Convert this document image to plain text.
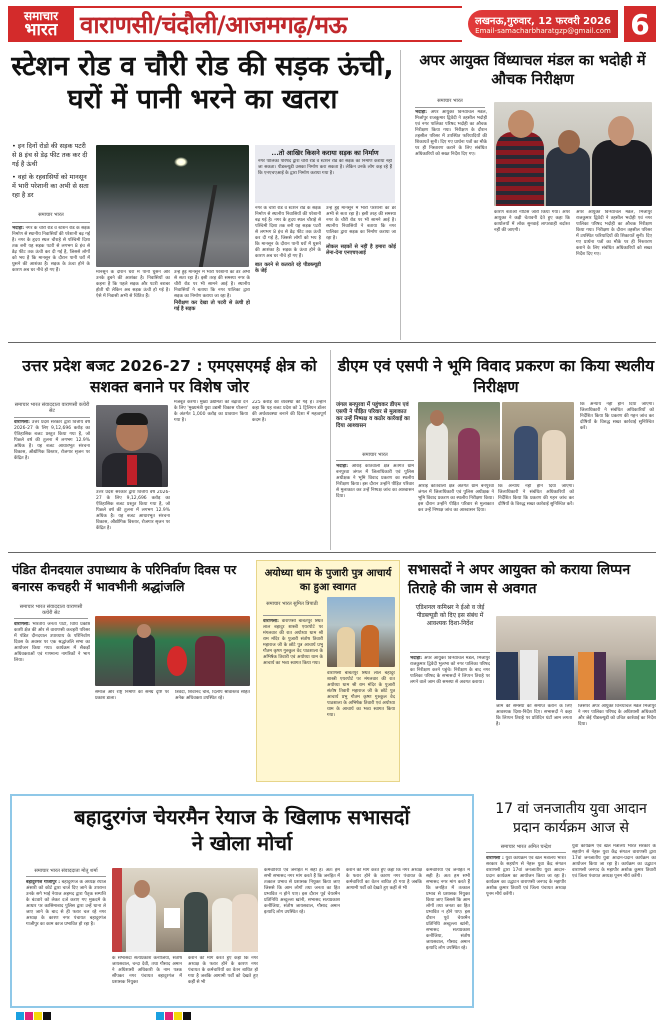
समाचार
भारत वाराणसी/चंदौली/आजमगढ़/मऊ	लखनऊ,गुरुवार, 12 फरवरी 2026
Email-samacharbharatgzp@gmail.com 6
स्टेशन रोड व चौरी रोड की सड़क ऊंची, घरों में पानी भरने का खतरा
• इन दिनों रोडो की सड़क पटरी से 8 इंच से डेढ़ फीट तक कर दी गई है ऊंची
• वहां के रहवासियों को मानसून में भारी परेशानी का अभी से सता रहा है डर
समाचार भारत
भदोही: नगर के चौरी रोड व स्टेशन रोड के सड़क निर्माण से स्थानीय निवासियों की परेशानी बढ़ गई है। नगर के हृदय स्थल चौराहे से पश्चिमी दिशा तक बनी यह सड़क पटरी से लगभग 8 इंच से डेढ़ फीट तक ऊंची कर दी गई है, जिससे लोगों को भय है कि मानसून के दौरान पानी घरों में घुसने की आशंका है। सड़क के ऊंचा होने के कारण अब घर नीचे हो गए हैं।	मानसून के दौरान घरों में पानी घुसने और उनके डूबने की आशंका है। निवासियों का कहना है कि पहले सड़क और पटरी बराबर होती थी लेकिन अब सड़क ऊंची हो गई है। ऐसे में निवासी अभी से चिंतित हैं।
उन्हें हुई मानसून में भारी परेशानी का डर अभी से सता रहा है। इसी तरह की समस्या नगर के चौरी रोड पर भी सामने आई है। स्थानीय निवासियों ने बताया कि नगर पालिका द्वारा सड़क का निर्माण कराया जा रहा है।
निरीक्षण कर देखा तो पटरी से ऊंची हो गई है सड़क
...तो आखिर किसने कराया सड़क का निर्माण
नगर पालिका परिषद द्वारा चौरी रोड व स्टेशन रोड की सड़क का निर्माण कराया नहीं जा सकता। पीडब्ल्यूडी उसका निर्माण करा सकता है। लेकिन उनके लोग कह रहे हैं कि एनएचएआई के द्वारा निर्माण कराया गया है।
नगर के चौरी रोड व स्टेशन रोड के सड़क निर्माण से स्थानीय निवासियों की परेशानी बढ़ गई है। नगर के हृदय स्थल चौराहे से पश्चिमी दिशा तक बनी यह सड़क पटरी से लगभग 8 इंच से डेढ़ फीट तक ऊंची कर दी गई है, जिससे लोगों को भय है कि मानसून के दौरान पानी घरों में घुसने की आशंका है। सड़क के ऊंचा होने के कारण अब घर नीचे हो गए हैं।
बात करने से कतराते रहे पीडब्ल्यूडी के जेई
उन्हें हुई मानसून में भारी परेशानी का डर अभी से सता रहा है। इसी तरह की समस्या नगर के चौरी रोड पर भी सामने आई है। स्थानीय निवासियों ने बताया कि नगर पालिका द्वारा सड़क का निर्माण कराया जा रहा है।
लोकल सड़कों से नहीं है हमारा कोई लेना-देना एनएचएआई
अपर आयुक्त विंध्याचल मंडल का भदोही में औचक निरीक्षण
समाचार भारत
भदोही: अपर आयुक्त विन्ध्याचल मंडल, मिर्जापुर राजकुमार द्विवेदी ने तहसील भदोही एवं नगर पालिका परिषद भदोही का औचक निरीक्षण किया गया। निरीक्षण के दौरान तहसील परिसर में उपस्थित फरियादियों की शिकायतें सुनी। दिए गए प्रार्थना पत्रों का मौके पर ही निस्तारण कराने के लिए संबंधित अधिकारियों को सख्त निर्देश दिए गए।
कारण बताओ नोटिस जारी किया गया। अपर आयुक्त ने कड़ी चेतावनी देते हुए कहा कि कार्यालयों में लोक सुनवाई लापरवाही बर्दाश्त नहीं की जाएगी।
अपर आयुक्त विन्ध्याचल मंडल, मिर्जापुर राजकुमार द्विवेदी ने तहसील भदोही एवं नगर पालिका परिषद भदोही का औचक निरीक्षण किया गया। निरीक्षण के दौरान तहसील परिसर में उपस्थित फरियादियों की शिकायतें सुनी। दिए गए प्रार्थना पत्रों का मौके पर ही निस्तारण कराने के लिए संबंधित अधिकारियों को सख्त निर्देश दिए गए।
उत्तर प्रदेश बजट 2026-27 : एमएसएमई क्षेत्र को सशक्त बनाने पर विशेष जोर
समाचार भारत संवाददाता वाराणसी कचेरी सेट
वाराणसी: उत्तर प्रदेश सरकार द्वारा वित्तीय वर्ष 2026-27 के लिए 9,12,696 करोड़ का ऐतिहासिक बजट प्रस्तुत किया गया है, जो पिछले वर्ष की तुलना में लगभग 12.9% अधिक है। यह बजट आधारभूत संरचना विकास, औद्योगिक विस्तार, रोजगार सृजन पर केंद्रित है।
उत्तर प्रदेश सरकार द्वारा वित्तीय वर्ष 2026-27 के लिए 9,12,696 करोड़ का ऐतिहासिक बजट प्रस्तुत किया गया है, जो पिछले वर्ष की तुलना में लगभग 12.9% अधिक है। यह बजट आधारभूत संरचना विकास, औद्योगिक विस्तार, रोजगार सृजन पर केंद्रित है।
मजबूत करेगा। मुख्य उद्यमिता को बढ़ावा देने के लिए 'मुख्यमंत्री युवा उद्यमी विकास योजना' के अंतर्गत 1,000 करोड़ का प्रावधान किया गया है।
225 करोड़ की व्यवस्था की गई है। उन्होंने कहा कि यह बजट प्रदेश को 1 ट्रिलियन डॉलर की अर्थव्यवस्था बनाने की दिशा में महत्वपूर्ण कदम है।
डीएम एवं एसपी ने भूमि विवाद प्रकरण का किया स्थलीय निरीक्षण
जंगल बनपुरवा में पहुंचकर डीएम एवं एसपी ने पीड़ित परिवार से मुलाकात कर उन्हें निष्पक्ष व कठोर कार्रवाई का दिया आश्वासन
समाचार भारत
भदोही: औराई कोतवाली क्षेत्र अंतर्गत ग्राम बनपुरवा जंगल में जिलाधिकारी एवं पुलिस अधीक्षक ने भूमि विवाद प्रकरण का स्थलीय निरीक्षण किया। इस दौरान उन्होंने पीड़ित परिवार से मुलाकात कर उन्हें निष्पक्ष जांच का आश्वासन दिया।
औराई कोतवाली क्षेत्र अंतर्गत ग्राम बनपुरवा जंगल में जिलाधिकारी एवं पुलिस अधीक्षक ने भूमि विवाद प्रकरण का स्थलीय निरीक्षण किया। इस दौरान उन्होंने पीड़ित परिवार से मुलाकात कर उन्हें निष्पक्ष जांच का आश्वासन दिया।
कि अन्याय नहीं होने दिया जाएगा। जिलाधिकारी ने संबंधित अधिकारियों को निर्देशित किया कि प्रकरण की गहन जांच कर दोषियों के विरुद्ध सख्त कार्रवाई सुनिश्चित करें।
कि अन्याय नहीं होने दिया जाएगा। जिलाधिकारी ने संबंधित अधिकारियों को निर्देशित किया कि प्रकरण की गहन जांच कर दोषियों के विरुद्ध सख्त कार्रवाई सुनिश्चित करें।
पंडित दीनदयाल उपाध्याय के परिनिर्वाण दिवस पर बनारस कचहरी में भावभीनी श्रद्धांजलि
समाचार भारत संवाददाता वाराणसी कचेरी सेट
वाराणसी: भारतीय जनता पार्टी, विधि प्रकोष्ठ काशी क्षेत्र की ओर से वाराणसी कचहरी परिसर में पंडित दीनदयाल उपाध्याय के परिनिर्वाण दिवस के अवसर पर एक श्रद्धांजलि सभा का आयोजन किया गया। कार्यक्रम में सैकड़ों अधिवक्ताओं एवं गणमान्य नागरिकों ने भाग लिया।
समाज और राष्ट्र निर्माण की समग्र दृष्टि पर प्रकाश डाला।
त्रिवेदी, शिवानंद चौबे, दिलीप श्रीवास्तव सहित अनेक अधिवक्ता उपस्थित रहे।
अयोध्या धाम के पुजारी पुत्र आचार्य का हुआ स्वागत
समाचार भारत सुमित त्रिपाठी
वाराणसी: वाराणसी बाबतपुर स्थित लाल बहादुर शास्त्री एयरपोर्ट पर मंगलवार की रात अयोध्या धाम श्री राम मंदिर के पुजारी संतोष तिवारी महाराज जी के छोटे पुत्र आचार्य प्रभु गौतम कृष्ण गुरुकुल वेद पाठशाला के अभिषेक तिवारी एवं अयोध्या धाम के आचार्य का भव्य स्वागत किया गया।
वाराणसी बाबतपुर स्थित लाल बहादुर शास्त्री एयरपोर्ट पर मंगलवार की रात अयोध्या धाम श्री राम मंदिर के पुजारी संतोष तिवारी महाराज जी के छोटे पुत्र आचार्य प्रभु गौतम कृष्ण गुरुकुल वेद पाठशाला के अभिषेक तिवारी एवं अयोध्या धाम के आचार्य का भव्य स्वागत किया गया।
सभासदों ने अपर आयुक्त को कराया लिप्पन तिराहे की जाम से अवगत
एडिशनल कमिश्नर ने ईओ व जेई पीडब्ल्यूडी को दिए इस संबंध में आवश्यक दिशा-निर्देश
भदोही: अपर आयुक्त विन्ध्याचल मंडल, मिर्जापुर राजकुमार द्विवेदी भुलभा को नगर पालिका परिषद का निरीक्षण करने पहुंचे। निरीक्षण के बाद नगर पालिका परिषद के सभासदों ने लिप्पन तिराहे पर लगने वाले जाम की समस्या से अवगत कराया।
जाम की समस्या को समाप्त कराने के लिए आवश्यक दिशा-निर्देश दिए। सभासदों ने कहा कि लिप्पन तिराहे पर प्रतिदिन घंटों जाम लगता है।
जिसपर अपर आयुक्त विन्ध्याचल मंडल मिर्जापुर ने नगर पालिका परिषद के अधिशासी अधिकारी और जेई पीडब्ल्यूडी को उचित कार्रवाई का निर्देश दिया।
बहादुरगंज चेयरमैन रेयाज के खिलाफ सभासदों ने खोला मोर्चा
समाचार भारत संवाददाता मोतू शर्मा
बहादुरगंज गाजीपुर : बहादुरगंज के अध्यक्ष रेयाज अंसारी को कोर्ट द्वारा चार्ज दिए जाने के उपरान्त उनके सगे भाई नेयाज अहमद द्वारा पैतृक सम्पत्ति के बंटवारे को लेकर दर्ज कराए गए मुकदमे के आधार पर कासिमाबाद पुलिस द्वारा उन्हें थाना ले जाए जाने के बाद से ही फरार चल रहे नगर अध्यक्ष के कारण नगर पंचायत बहादुरगंज गाजीपुर का काम काज प्रभावित हो रहा है।
के सभासदों सत्यप्रकाश कनौजिया, संतोष जायसवाल, चन्दा देवी, तथा गौसाद अमान ने अधिशासी अधिकारी के नाम पत्रक सौंपकर नगर पंचायत बहादुरगंज में प्रशासक नियुक्त
कराने की मांग करते हुए कहा कि नगर अध्यक्ष के फरार होने के कारण नगर पंचायत के कर्मचारियों का वेतन बाधित हो गया है जबकि आगामी पर्वों को देखते हुए कहीं से भी
कर्मचारियों एवं जनहित में सही है। अतः हम सभी सभासद नगर मांग करते हैं कि जनहित में तत्काल प्रभाव से प्रशासक नियुक्त किया जाए जिससे कि आम लोगों तथा जनता का हित प्रभावित न होने पाए। इस दौरान पूर्व चेयरमैन प्रतिनिधि अब्दुल्ला खांनी, सभासद सत्यप्रकाश कनौजिया, संतोष जायसवाल, गौसाद अमान इत्यादि लोग उपस्थित रहे।
कराने की मांग करते हुए कहा कि नगर अध्यक्ष के फरार होने के कारण नगर पंचायत के कर्मचारियों का वेतन बाधित हो गया है जबकि आगामी पर्वों को देखते हुए कहीं से भी
कर्मचारियों एवं जनहित में सही है। अतः हम सभी सभासद नगर मांग करते हैं कि जनहित में तत्काल प्रभाव से प्रशासक नियुक्त किया जाए जिससे कि आम लोगों तथा जनता का हित प्रभावित न होने पाए। इस दौरान पूर्व चेयरमैन प्रतिनिधि अब्दुल्ला खांनी, सभासद सत्यप्रकाश कनौजिया, संतोष जायसवाल, गौसाद अमान इत्यादि लोग उपस्थित रहे।
17 वां जनजातीय युवा आदान प्रदान कार्यक्रम आज से
समाचार भारत अमित चन्द्रेश
वाराणसी : युवा कार्यक्रम एवं खेल मंत्रालय भारत सरकार के सहयोग से नेहरू युवा केंद्र संगठन वाराणसी द्वारा 17वां जनजातीय युवा आदान-प्रदान कार्यक्रम का आयोजन किया जा रहा है। कार्यक्रम का उद्घाटन वाराणसी जनपद के महापौर अशोक कुमार तिवारी एवं जिला पंचायत अध्यक्ष पूनम मौर्य करेंगी।
युवा कार्यक्रम एवं खेल मंत्रालय भारत सरकार के सहयोग से नेहरू युवा केंद्र संगठन वाराणसी द्वारा 17वां जनजातीय युवा आदान-प्रदान कार्यक्रम का आयोजन किया जा रहा है। कार्यक्रम का उद्घाटन वाराणसी जनपद के महापौर अशोक कुमार तिवारी एवं जिला पंचायत अध्यक्ष पूनम मौर्य करेंगी।
